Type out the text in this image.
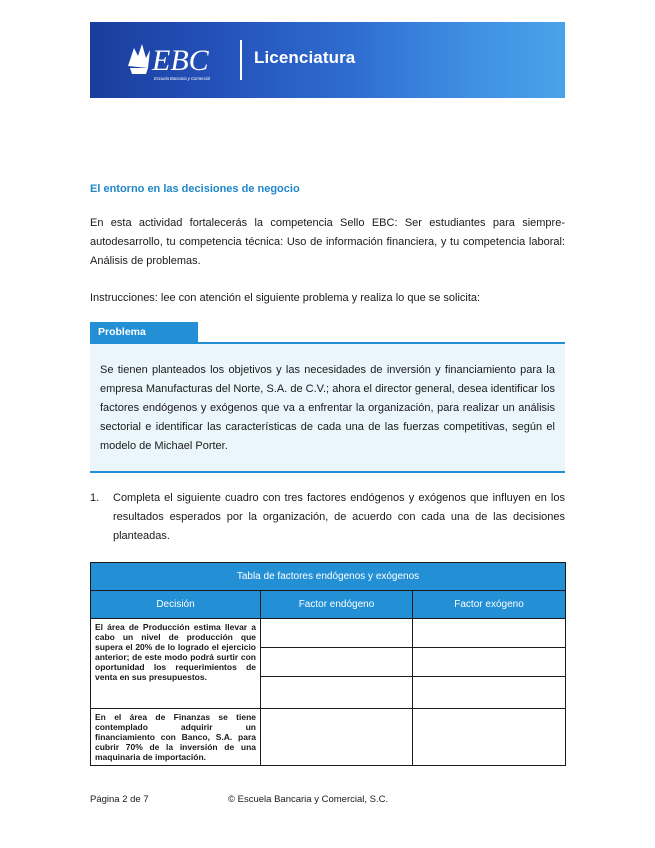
EBC
Escuela Bancaria y Comercial
Licenciatura
El entorno en las decisiones de negocio

En esta actividad fortalecerás la competencia Sello EBC: Ser estudiantes para siempre-autodesarrollo, tu competencia técnica: Uso de información financiera, y tu competencia laboral: Análisis de problemas.

Instrucciones: lee con atención el siguiente problema y realiza lo que se solicita:

Problema

Se tienen planteados los objetivos y las necesidades de inversión y financiamiento para la empresa Manufacturas del Norte, S.A. de C.V.; ahora el director general, desea identificar los factores endógenos y exógenos que va a enfrentar la organización, para realizar un análisis sectorial e identificar las características de cada una de las fuerzas competitivas, según el modelo de Michael Porter.

1. Completa el siguiente cuadro con tres factores endógenos y exógenos que influyen en los resultados esperados por la organización, de acuerdo con cada una de las decisiones planteadas.

Tabla de factores endógenos y exógenos		
Decisión	Factor endógeno	Factor exógeno
El área de Producción estima llevar a cabo un nivel de producción que supera el 20% de lo logrado el ejercicio anterior; de este modo podrá surtir con oportunidad los requerimientos de venta en sus presupuestos.		

En el área de Finanzas se tiene contemplado adquirir un financiamiento con Banco, S.A. para cubrir 70% de la inversión de una maquinaria de importación.		
Página 2 de 7	© Escuela Bancaria y Comercial, S.C.
